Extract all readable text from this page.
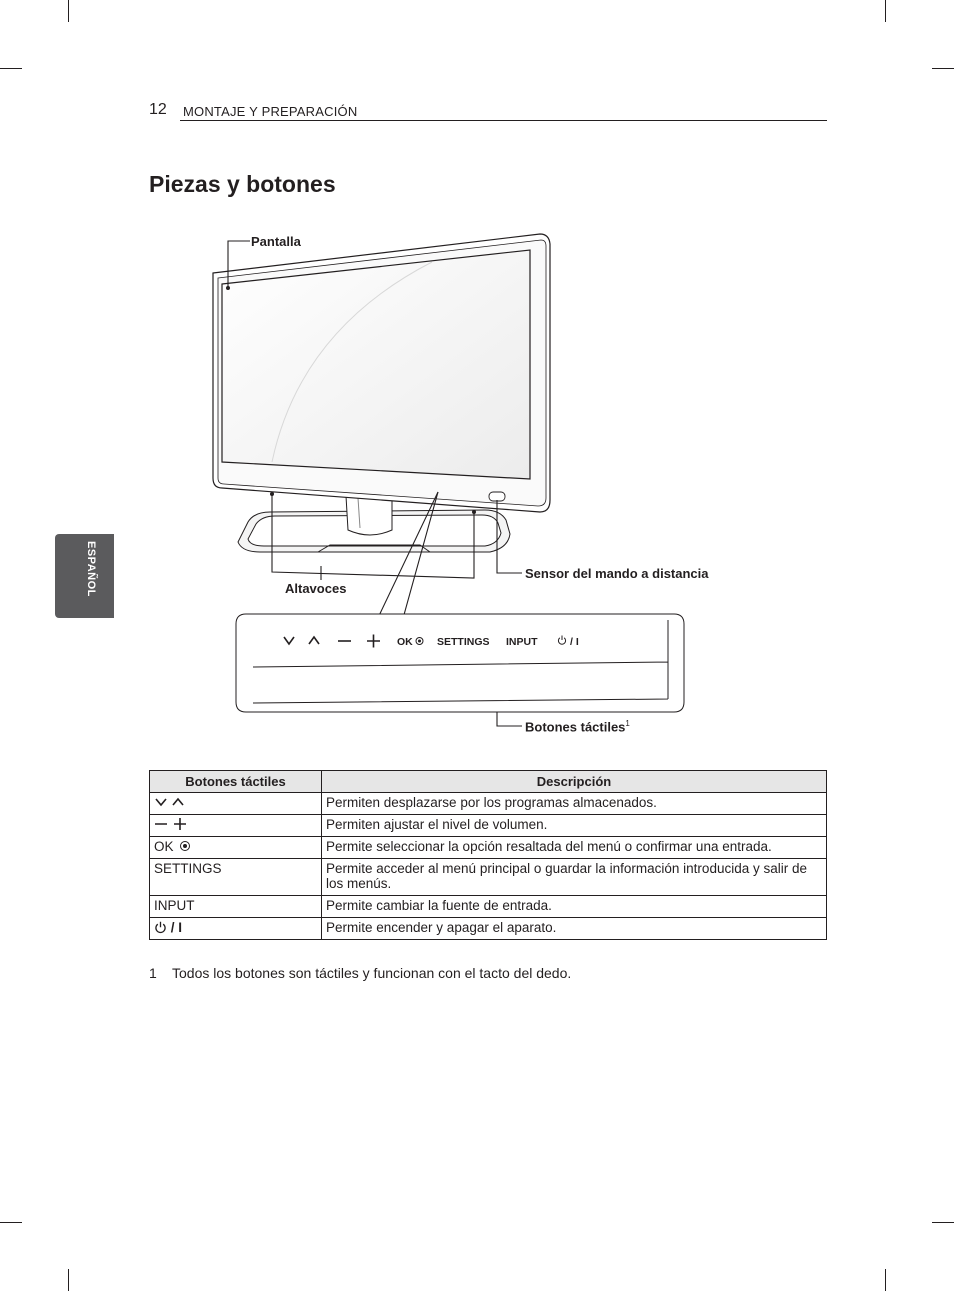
12 MONTAJE Y PREPARACIÓN
Piezas y botones
ESPAÑOL
OK SETTINGS INPUT	/ I
Pantalla
Altavoces
Sensor del mando a distancia
Botones táctiles$^1$
Botones táctiles	Descripción
	Permiten desplazarse por los programas almacenados.
	Permiten ajustar el nivel de volumen.
OK	Permite seleccionar la opción resaltada del menú o confirmar una entrada.
SETTINGS	Permite acceder al menú principal o guardar la información introducida y salir de los menús.
INPUT	Permite cambiar la fuente de entrada.
/ I	Permite encender y apagar el aparato.
1 Todos los botones son táctiles y funcionan con el tacto del dedo.
